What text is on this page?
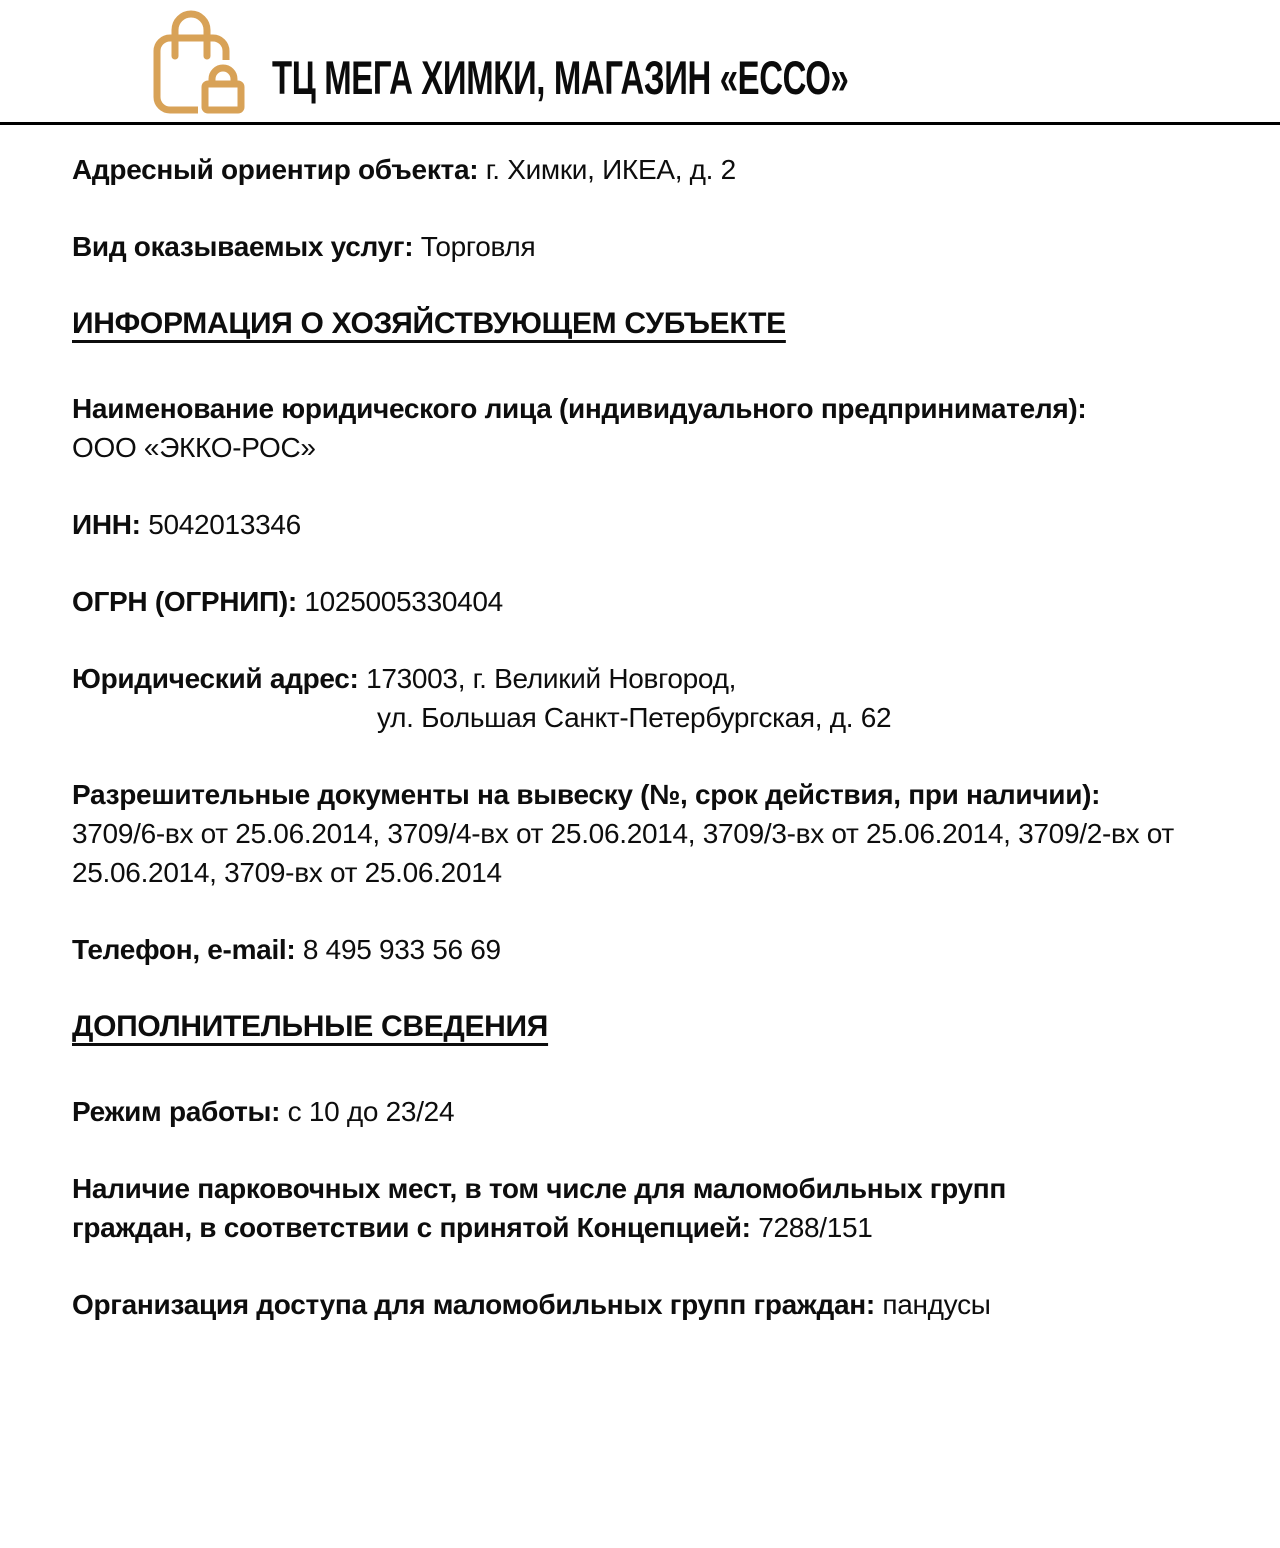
ТЦ МЕГА ХИМКИ, МАГАЗИН «ЕССО»

Адресный ориентир объекта: г. Химки, ИКЕА, д. 2

Вид оказываемых услуг: Торговля

ИНФОРМАЦИЯ О ХОЗЯЙСТВУЮЩЕМ СУБЪЕКТЕ

Наименование юридического лица (индивидуального предпринимателя):
ООО «ЭККО-РОС»

ИНН: 5042013346

ОГРН (ОГРНИП): 1025005330404

Юридический адрес: 173003, г. Великий Новгород,
ул. Большая Санкт-Петербургская, д. 62

Разрешительные документы на вывеску (№, срок действия, при наличии):
3709/6-вх от 25.06.2014, 3709/4-вх от 25.06.2014, 3709/3-вх от 25.06.2014, 3709/2-вх от 25.06.2014, 3709-вх от 25.06.2014

Телефон, e-mail: 8 495 933 56 69

ДОПОЛНИТЕЛЬНЫЕ СВЕДЕНИЯ

Режим работы: с 10 до 23/24

Наличие парковочных мест, в том числе для маломобильных групп граждан, в соответствии с принятой Концепцией: 7288/151

Организация доступа для маломобильных групп граждан: пандусы
